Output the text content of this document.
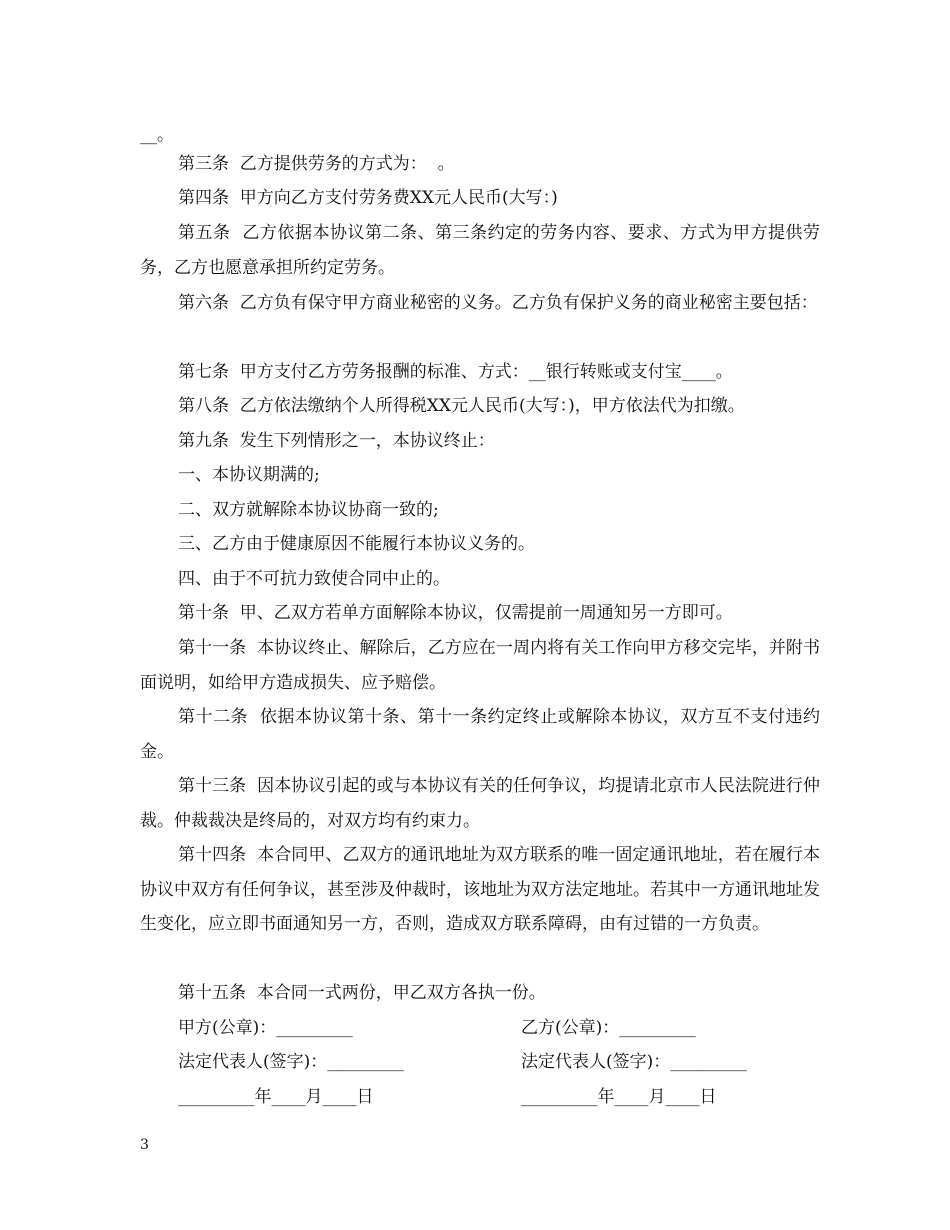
__。

第三条  乙方提供劳务的方式为：  。

第四条  甲方向乙方支付劳务费XX元人民币(大写：)

第五条  乙方依据本协议第二条、第三条约定的劳务内容、要求、方式为甲方提供劳务，乙方也愿意承担所约定劳务。

第六条  乙方负有保守甲方商业秘密的义务。乙方负有保护义务的商业秘密主要包括：

第七条  甲方支付乙方劳务报酬的标准、方式：__银行转账或支付宝____。

第八条  乙方依法缴纳个人所得税XX元人民币(大写：)，甲方依法代为扣缴。

第九条  发生下列情形之一，本协议终止：

一、本协议期满的;

二、双方就解除本协议协商一致的;

三、乙方由于健康原因不能履行本协议义务的。

四、由于不可抗力致使合同中止的。

第十条  甲、乙双方若单方面解除本协议，仅需提前一周通知另一方即可。

第十一条  本协议终止、解除后，乙方应在一周内将有关工作向甲方移交完毕，并附书面说明，如给甲方造成损失、应予赔偿。

第十二条  依据本协议第十条、第十一条约定终止或解除本协议，双方互不支付违约金。

第十三条  因本协议引起的或与本协议有关的任何争议，均提请北京市人民法院进行仲裁。仲裁裁决是终局的，对双方均有约束力。

第十四条  本合同甲、乙双方的通讯地址为双方联系的唯一固定通讯地址，若在履行本协议中双方有任何争议，甚至涉及仲裁时，该地址为双方法定地址。若其中一方通讯地址发生变化，应立即书面通知另一方，否则，造成双方联系障碍，由有过错的一方负责。

第十五条  本合同一式两份，甲乙双方各执一份。

甲方(公章)：_________	乙方(公章)：_________
法定代表人(签字)：_________	法定代表人(签字)：_________
_________年____月____日	_________年____月____日
3
